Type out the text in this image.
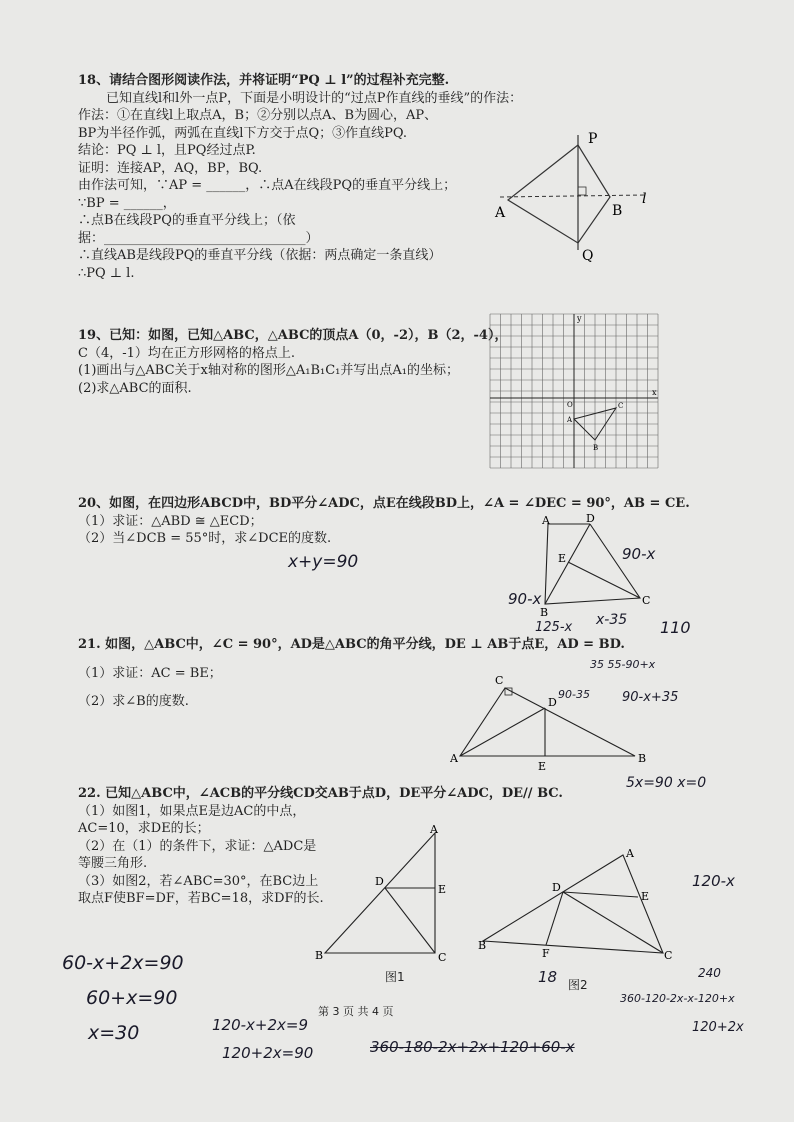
18、请结合图形阅读作法，并将证明“PQ ⊥ l”的过程补充完整.
已知直线l和l外一点P，下面是小明设计的“过点P作直线的垂线”的作法：
作法：①在直线l上取点A，B；②分别以点A、B为圆心，AP、
BP为半径作弧，两弧在直线l下方交于点Q；③作直线PQ.
结论：PQ ⊥ l，且PQ经过点P.
证明：连接AP，AQ，BP，BQ.
由作法可知，∵AP = ______，∴点A在线段PQ的垂直平分线上；
∵BP = ______，
∴点B在线段PQ的垂直平分线上；（依
据：_______________________________）
∴直线AB是线段PQ的垂直平分线（依据：两点确定一条直线）
∴PQ ⊥ l.
P
Q
A	B
l
19、已知：如图，已知△ABC，△ABC的顶点A（0，-2），B（2，-4），
C（4，-1）均在正方形网格的格点上.
(1)画出与△ABC关于x轴对称的图形△A₁B₁C₁并写出点A₁的坐标；
(2)求△ABC的面积.	x
y
O
A
B
C
20、如图，在四边形ABCD中，BD平分∠ADC，点E在线段BD上，∠A = ∠DEC = 90°，AB = CE.
（1）求证：△ABD ≅ △ECD；
（2）当∠DCB = 55°时，求∠DCE的度数.
A	D
E
B
C
21. 如图，△ABC中，∠C = 90°，AD是△ABC的角平分线，DE ⊥ AB于点E，AD = BD.
（1）求证：AC = BE；
（2）求∠B的度数.
C
A	B
D
E
22. 已知△ABC中，∠ACB的平分线CD交AB于点D，DE平分∠ADC，DE// BC.
（1）如图1，如果点E是边AC的中点，
AC=10，求DE的长；
（2）在（1）的条件下，求证：△ADC是
等腰三角形.
（3）如图2，若∠ABC=30°，在BC边上
取点F使BF=DF，若BC=18，求DF的长.
A
B	C
D
E
图1
A
B
C
D
E
F
图2
第 3 页 共 4 页
x+y=90	90-x
90-x
125-x x-35 110
35 55-90+x
90-35 90-x+35
5x=90 x=0
120-x
18	240
360-120-2x-x-120+x
120+2x
360-180-2x+2x+120+60-x
60-x+2x=90
60+x=90
x=30	120-x+2x=9
120+2x=90
